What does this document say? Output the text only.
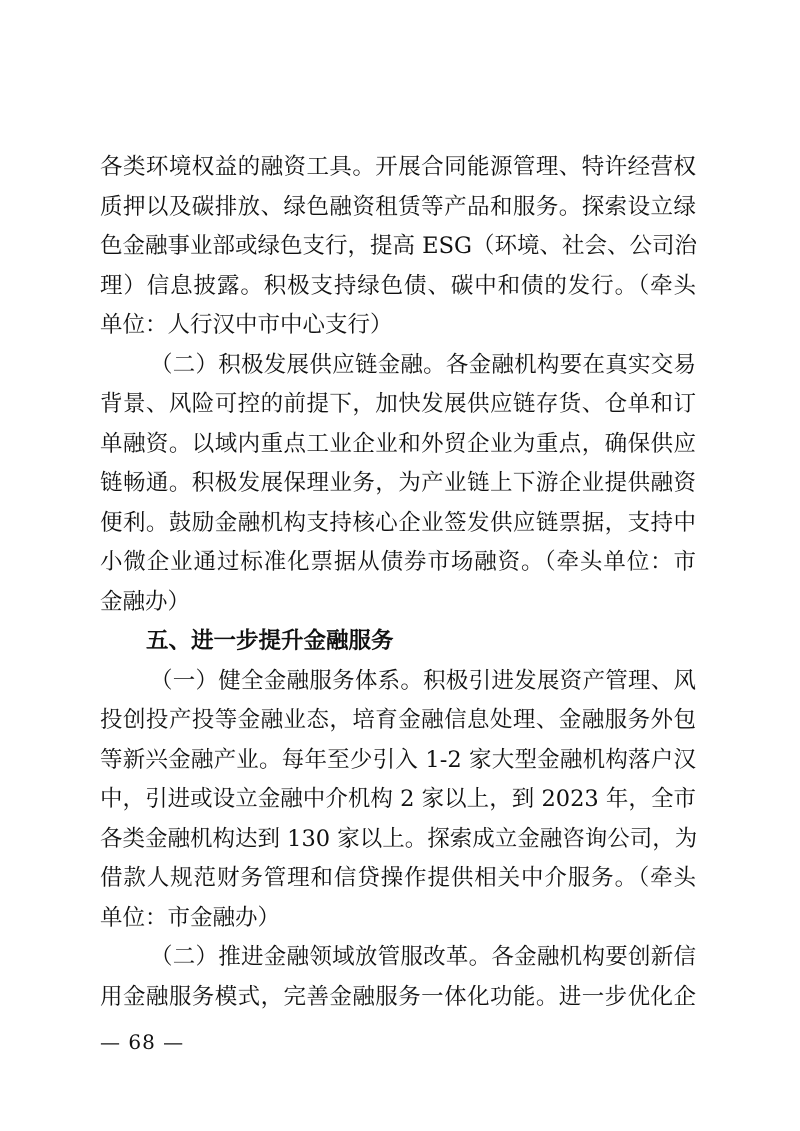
各类环境权益的融资工具。开展合同能源管理、特许经营权
质押以及碳排放、绿色融资租赁等产品和服务。探索设立绿
色金融事业部或绿色支行，提高 ESG（环境、社会、公司治
理）信息披露。积极支持绿色债、碳中和债的发行。（牵头
单位：人行汉中市中心支行）
（二）积极发展供应链金融。各金融机构要在真实交易
背景、风险可控的前提下，加快发展供应链存货、仓单和订
单融资。以域内重点工业企业和外贸企业为重点，确保供应
链畅通。积极发展保理业务，为产业链上下游企业提供融资
便利。鼓励金融机构支持核心企业签发供应链票据，支持中
小微企业通过标准化票据从债券市场融资。（牵头单位：市
金融办）
五、进一步提升金融服务
（一）健全金融服务体系。积极引进发展资产管理、风
投创投产投等金融业态，培育金融信息处理、金融服务外包
等新兴金融产业。每年至少引入 1-2 家大型金融机构落户汉
中，引进或设立金融中介机构 2 家以上，到 2023 年，全市
各类金融机构达到 130 家以上。探索成立金融咨询公司，为
借款人规范财务管理和信贷操作提供相关中介服务。（牵头
单位：市金融办）
（二）推进金融领域放管服改革。各金融机构要创新信
用金融服务模式，完善金融服务一体化功能。进一步优化企
— 68 —
